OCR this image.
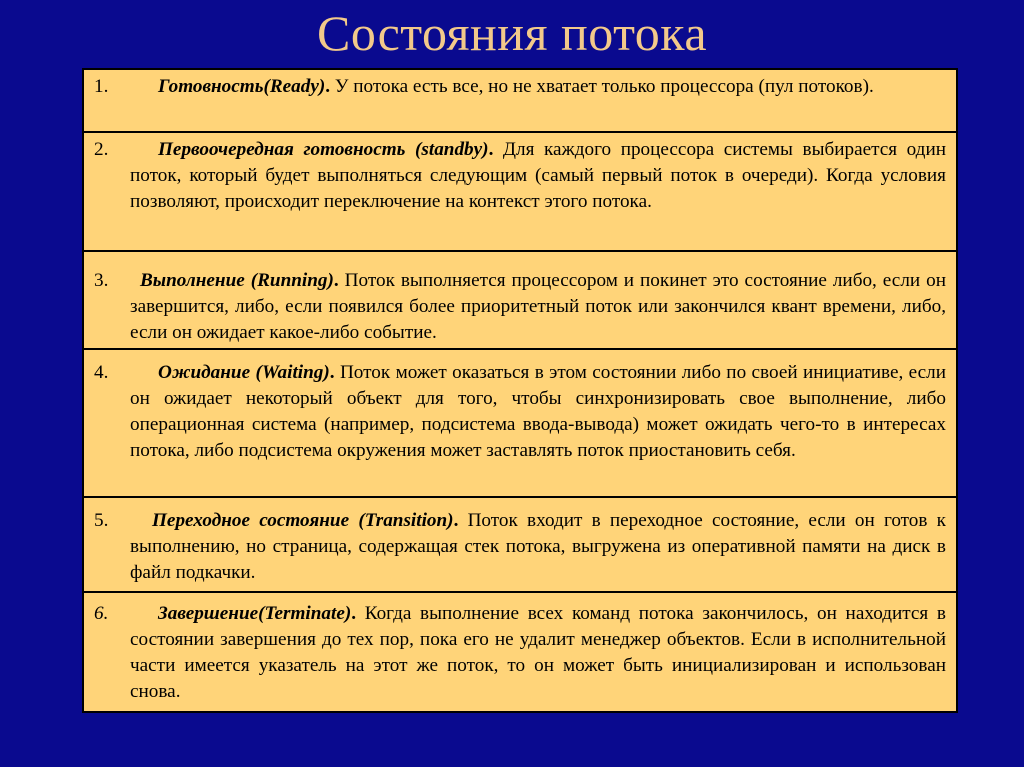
Состояния потока
1.	Готовность(Ready). У потока есть все, но не хватает только процессора (пул потоков).
2.	Первоочередная готовность (standby). Для каждого процессора системы выбирается один поток, который будет выполняться следующим (самый первый поток в очереди). Когда условия позволяют, происходит переключение на контекст этого потока.
3.	Выполнение (Running). Поток выполняется процессором и покинет это состояние либо, если он завершится, либо, если появился более приоритетный поток или закончился квант времени, либо, если он ожидает какое-либо событие.
4.	Ожидание (Waiting). Поток может оказаться в этом состоянии либо по своей инициативе, если он ожидает некоторый объект для того, чтобы синхронизировать свое выполнение, либо операционная система (например, подсистема ввода-вывода) может ожидать чего-то в интересах потока, либо подсистема окружения может заставлять поток приостановить себя.
5.	Переходное состояние (Transition). Поток входит в переходное состояние, если он готов к выполнению, но страница, содержащая стек потока, выгружена из оперативной памяти на диск в файл подкачки.
6.	Завершение(Terminate). Когда выполнение всех команд потока закончилось, он находится в состоянии завершения до тех пор, пока его не удалит менеджер объектов. Если в исполнительной части имеется указатель на этот же поток, то он может быть инициализирован и использован снова.
